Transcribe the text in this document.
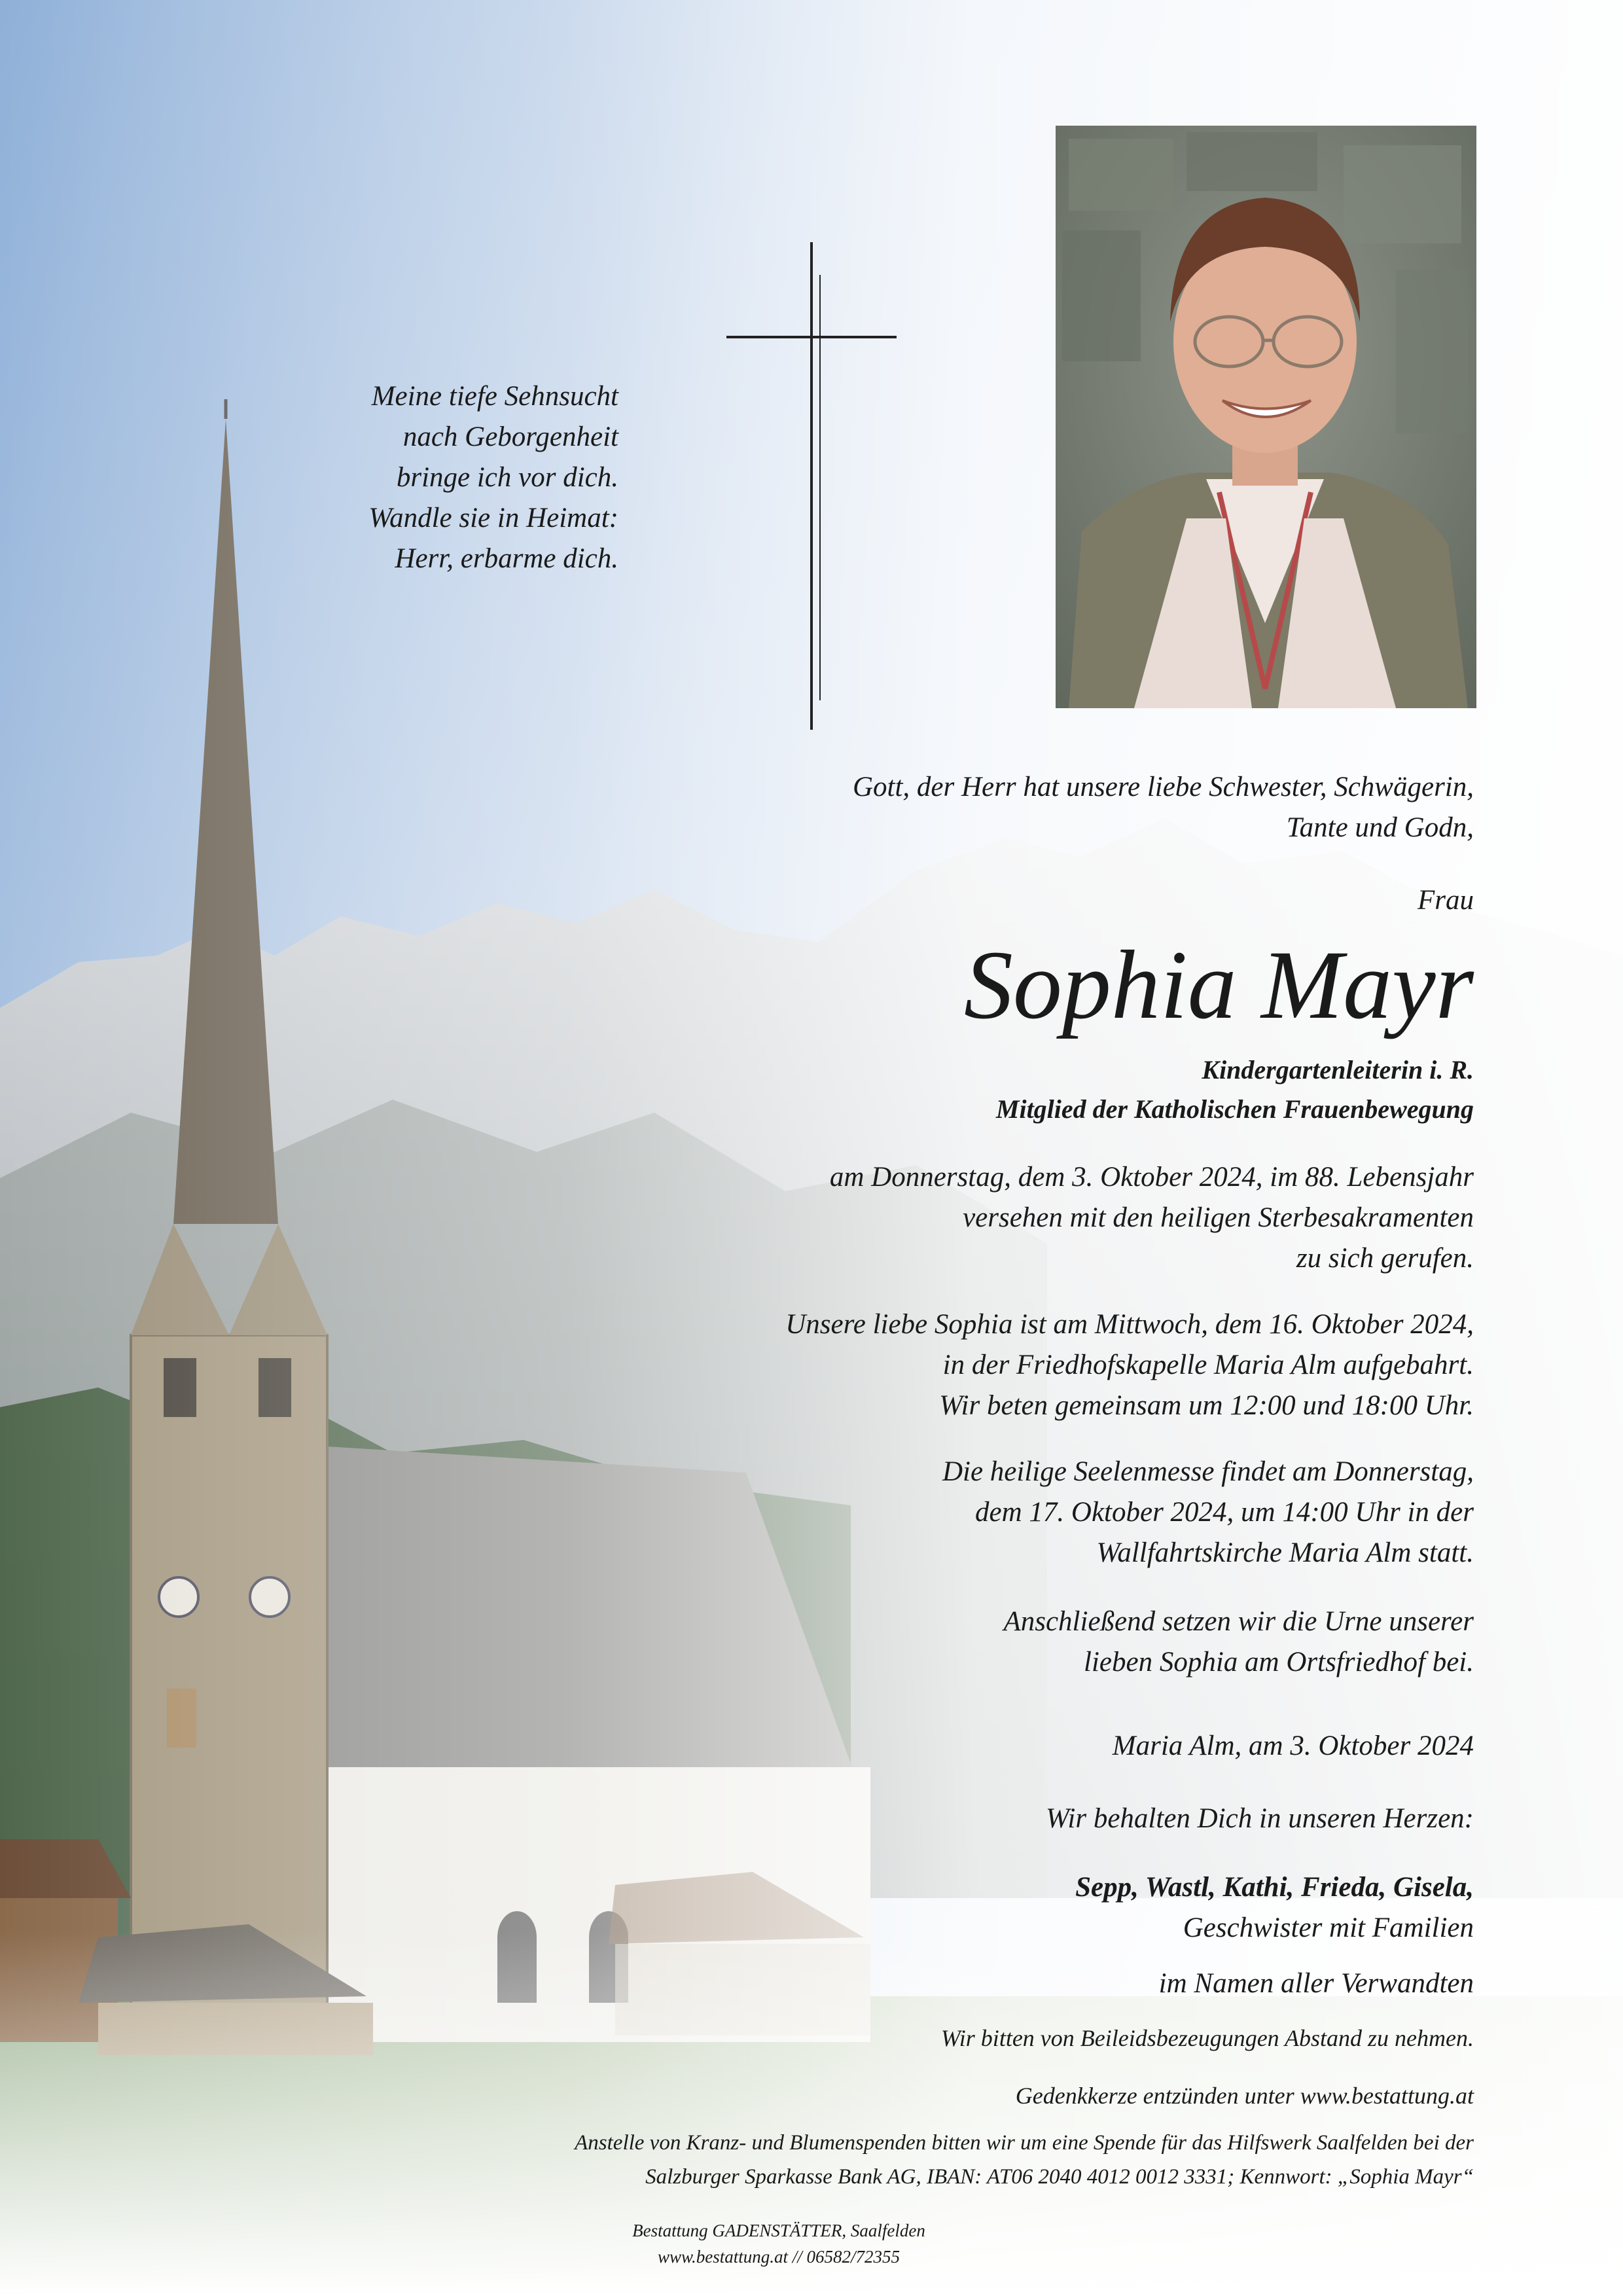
Meine tiefe Sehnsucht
nach Geborgenheit
bringe ich vor dich.
Wandle sie in Heimat:
Herr, erbarme dich.
Gott, der Herr hat unsere liebe Schwester, Schwägerin,
Tante und Godn,
Frau
Sophia Mayr
Kindergartenleiterin i. R.
Mitglied der Katholischen Frauenbewegung
am Donnerstag, dem 3. Oktober 2024, im 88. Lebensjahr
versehen mit den heiligen Sterbesakramenten
zu sich gerufen.
Unsere liebe Sophia ist am Mittwoch, dem 16. Oktober 2024,
in der Friedhofskapelle Maria Alm aufgebahrt.
Wir beten gemeinsam um 12:00 und 18:00 Uhr.
Die heilige Seelenmesse findet am Donnerstag,
dem 17. Oktober 2024, um 14:00 Uhr in der
Wallfahrtskirche Maria Alm statt.
Anschließend setzen wir die Urne unserer
lieben Sophia am Ortsfriedhof bei.
Maria Alm, am 3. Oktober 2024
Wir behalten Dich in unseren Herzen:
Sepp, Wastl, Kathi, Frieda, Gisela,
Geschwister mit Familien
im Namen aller Verwandten
Wir bitten von Beileidsbezeugungen Abstand zu nehmen.
Gedenkkerze entzünden unter www.bestattung.at
Anstelle von Kranz- und Blumenspenden bitten wir um eine Spende für das Hilfswerk Saalfelden bei der
Salzburger Sparkasse Bank AG, IBAN: AT06 2040 4012 0012 3331; Kennwort: „Sophia Mayr“
Bestattung GADENSTÄTTER, Saalfelden
www.bestattung.at // 06582/72355
